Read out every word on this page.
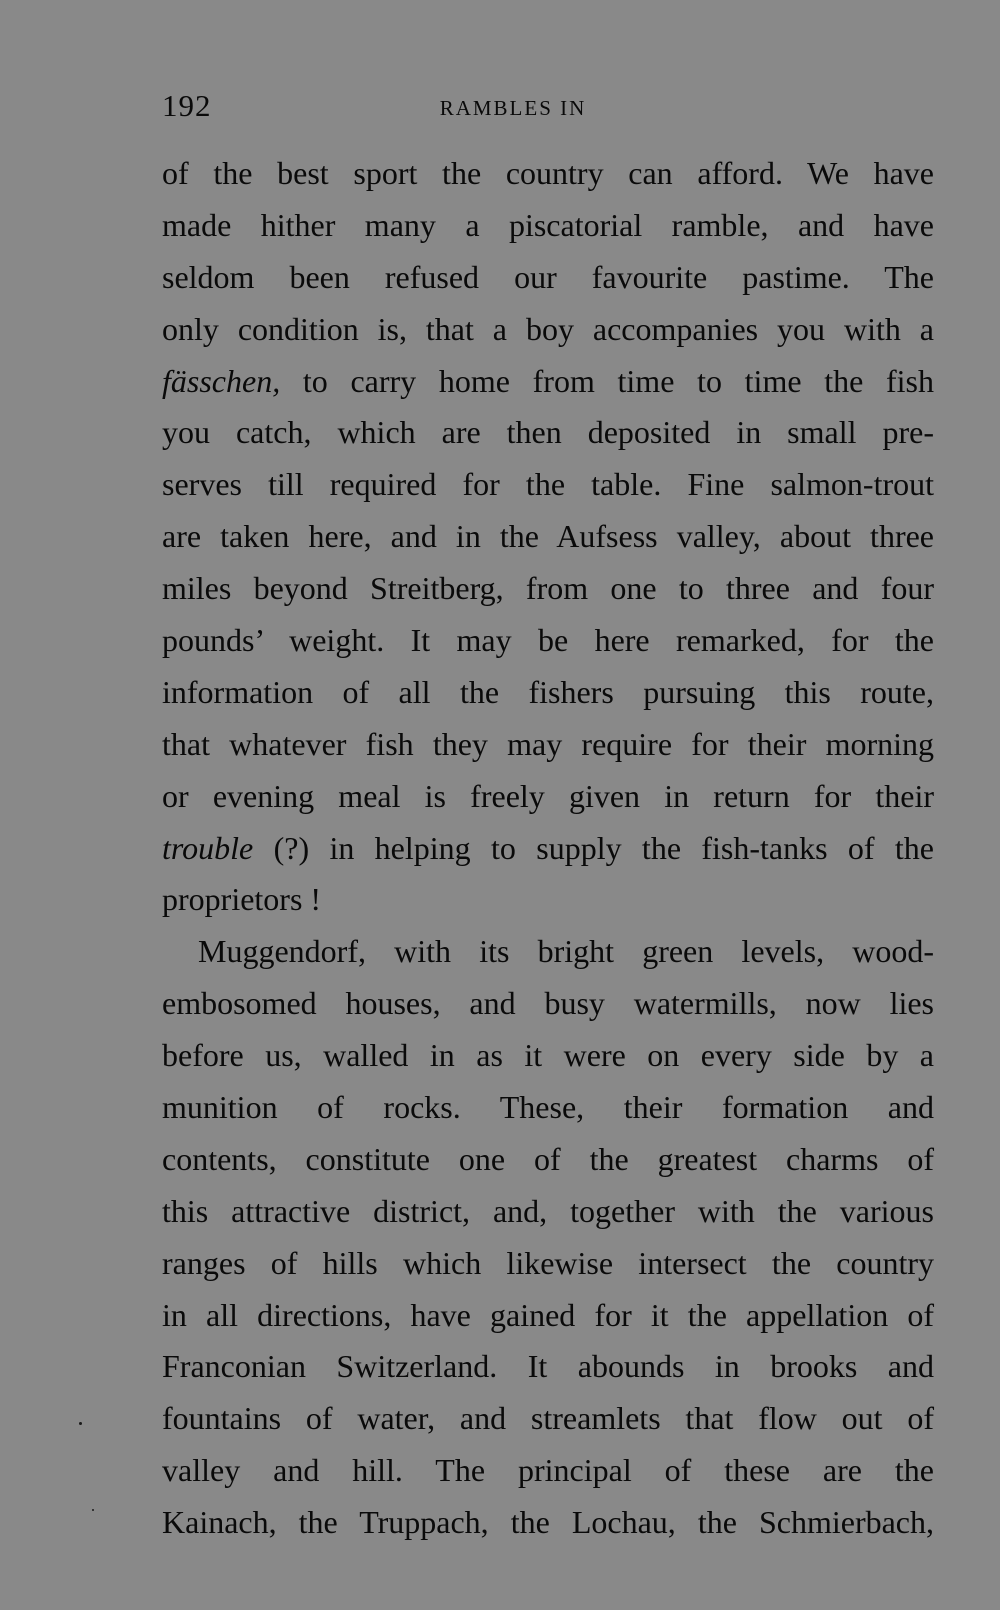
192	RAMBLES IN
of the best sport the country can afford. We have
made hither many a piscatorial ramble, and have
seldom been refused our favourite pastime. The
only condition is, that a boy accompanies you with a
fässchen, to carry home from time to time the fish
you catch, which are then deposited in small pre-
serves till required for the table. Fine salmon-trout
are taken here, and in the Aufsess valley, about three
miles beyond Streitberg, from one to three and four
pounds’ weight. It may be here remarked, for the
information of all the fishers pursuing this route,
that whatever fish they may require for their morning
or evening meal is freely given in return for their
trouble (?) in helping to supply the fish-tanks of the
proprietors !
Muggendorf, with its bright green levels, wood-
embosomed houses, and busy watermills, now lies
before us, walled in as it were on every side by a
munition of rocks. These, their formation and
contents, constitute one of the greatest charms of
this attractive district, and, together with the various
ranges of hills which likewise intersect the country
in all directions, have gained for it the appellation of
Franconian Switzerland. It abounds in brooks and
fountains of water, and streamlets that flow out of
valley and hill. The principal of these are the
Kainach, the Truppach, the Lochau, the Schmierbach,
